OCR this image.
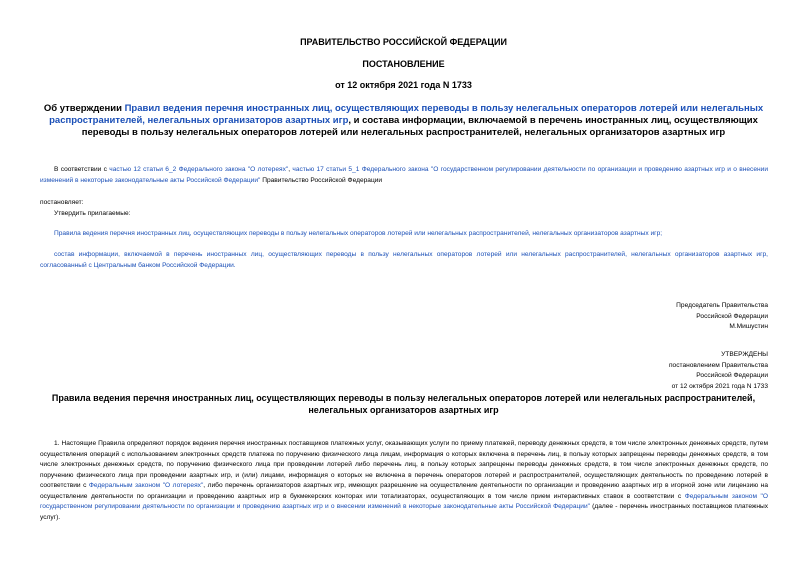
ПРАВИТЕЛЬСТВО РОССИЙСКОЙ ФЕДЕРАЦИИ
ПОСТАНОВЛЕНИЕ
от 12 октября 2021 года N 1733
Об утверждении Правил ведения перечня иностранных лиц, осуществляющих переводы в пользу нелегальных операторов лотерей или нелегальных распространителей, нелегальных организаторов азартных игр, и состава информации, включаемой в перечень иностранных лиц, осуществляющих переводы в пользу нелегальных операторов лотерей или нелегальных распространителей, нелегальных организаторов азартных игр
В соответствии с частью 12 статьи 6_2 Федерального закона "О лотереях", частью 17 статьи 5_1 Федерального закона "О государственном регулировании деятельности по организации и проведению азартных игр и о внесении изменений в некоторые законодательные акты Российской Федерации" Правительство Российской Федерации
постановляет:
Утвердить прилагаемые:
Правила ведения перечня иностранных лиц, осуществляющих переводы в пользу нелегальных операторов лотерей или нелегальных распространителей, нелегальных организаторов азартных игр;
состав информации, включаемой в перечень иностранных лиц, осуществляющих переводы в пользу нелегальных операторов лотерей или нелегальных распространителей, нелегальных организаторов азартных игр, согласованный с Центральным банком Российской Федерации.
Председатель Правительства
Российской Федерации
М.Мишустин
УТВЕРЖДЕНЫ
постановлением Правительства
Российской Федерации
от 12 октября 2021 года N 1733
Правила ведения перечня иностранных лиц, осуществляющих переводы в пользу нелегальных операторов лотерей или нелегальных распространителей, нелегальных организаторов азартных игр
1. Настоящие Правила определяют порядок ведения перечня иностранных поставщиков платежных услуг, оказывающих услуги по приему платежей, переводу денежных средств, в том числе электронных денежных средств, путем осуществления операций с использованием электронных средств платежа по поручению физического лица лицам, информация о которых включена в перечень лиц, в пользу которых запрещены переводы денежных средств, в том числе электронных денежных средств, по поручению физического лица при проведении лотерей либо перечень лиц, в пользу которых запрещены переводы денежных средств, в том числе электронных денежных средств, по поручению физического лица при проведении азартных игр, и (или) лицами, информация о которых не включена в перечень операторов лотерей и распространителей, осуществляющих деятельность по проведению лотерей в соответствии с Федеральным законом "О лотереях", либо перечень организаторов азартных игр, имеющих разрешение на осуществление деятельности по организации и проведению азартных игр в игорной зоне или лицензию на осуществление деятельности по организации и проведению азартных игр в букмекерских конторах или тотализаторах, осуществляющих в том числе прием интерактивных ставок в соответствии с Федеральным законом "О государственном регулировании деятельности по организации и проведению азартных игр и о внесении изменений в некоторые законодательные акты Российской Федерации" (далее - перечень иностранных поставщиков платежных услуг).
